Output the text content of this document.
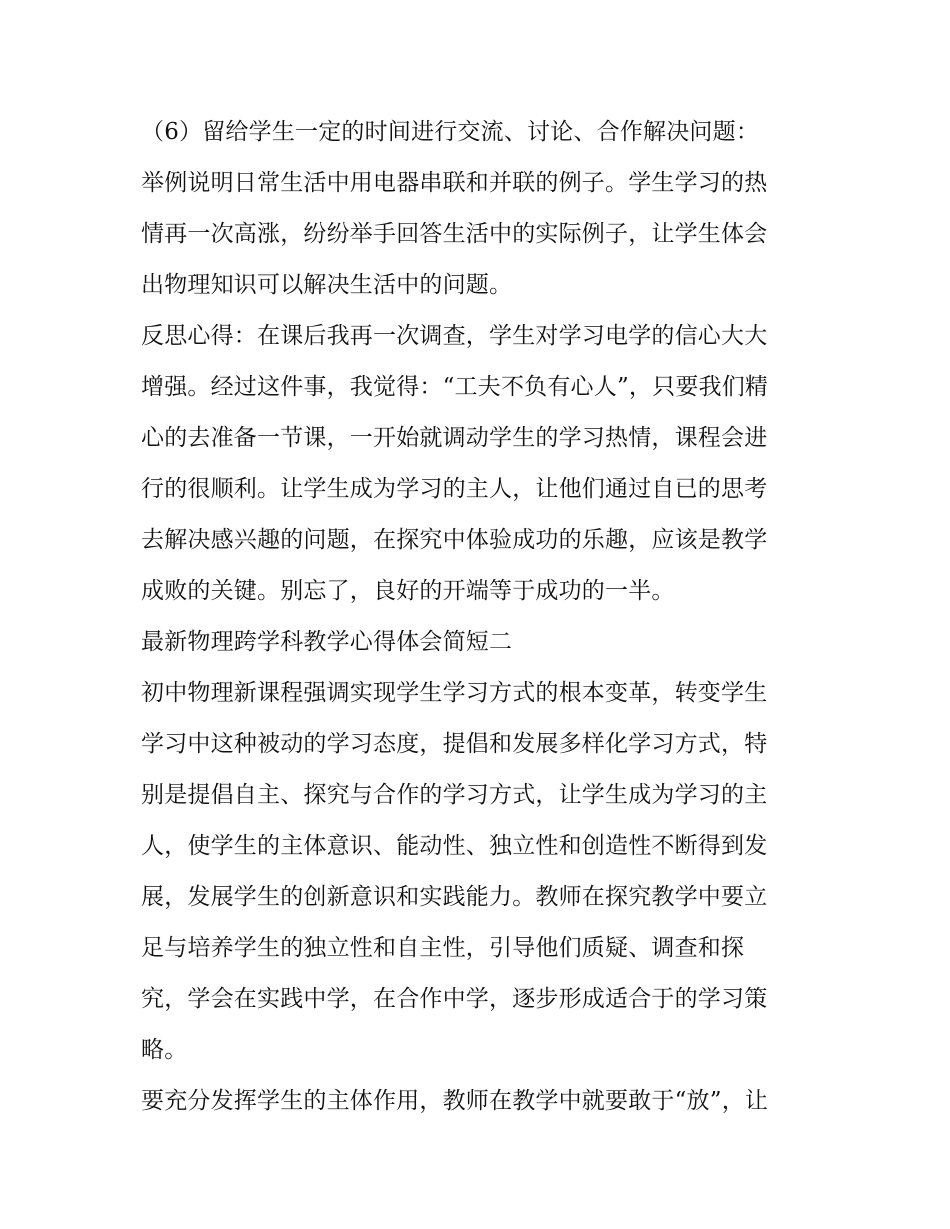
（6）留给学生一定的时间进行交流、讨论、合作解决问题：
举例说明日常生活中用电器串联和并联的例子。学生学习的热
情再一次高涨，纷纷举手回答生活中的实际例子，让学生体会
出物理知识可以解决生活中的问题。
反思心得：在课后我再一次调查，学生对学习电学的信心大大
增强。经过这件事，我觉得：“工夫不负有心人”，只要我们精
心的去准备一节课，一开始就调动学生的学习热情，课程会进
行的很顺利。让学生成为学习的主人，让他们通过自已的思考
去解决感兴趣的问题，在探究中体验成功的乐趣，应该是教学
成败的关键。别忘了，良好的开端等于成功的一半。
最新物理跨学科教学心得体会简短二
初中物理新课程强调实现学生学习方式的根本变革，转变学生
学习中这种被动的学习态度，提倡和发展多样化学习方式，特
别是提倡自主、探究与合作的学习方式，让学生成为学习的主
人，使学生的主体意识、能动性、独立性和创造性不断得到发
展，发展学生的创新意识和实践能力。教师在探究教学中要立
足与培养学生的独立性和自主性，引导他们质疑、调查和探
究，学会在实践中学，在合作中学，逐步形成适合于的学习策
略。
要充分发挥学生的主体作用，教师在教学中就要敢于“放”，让
